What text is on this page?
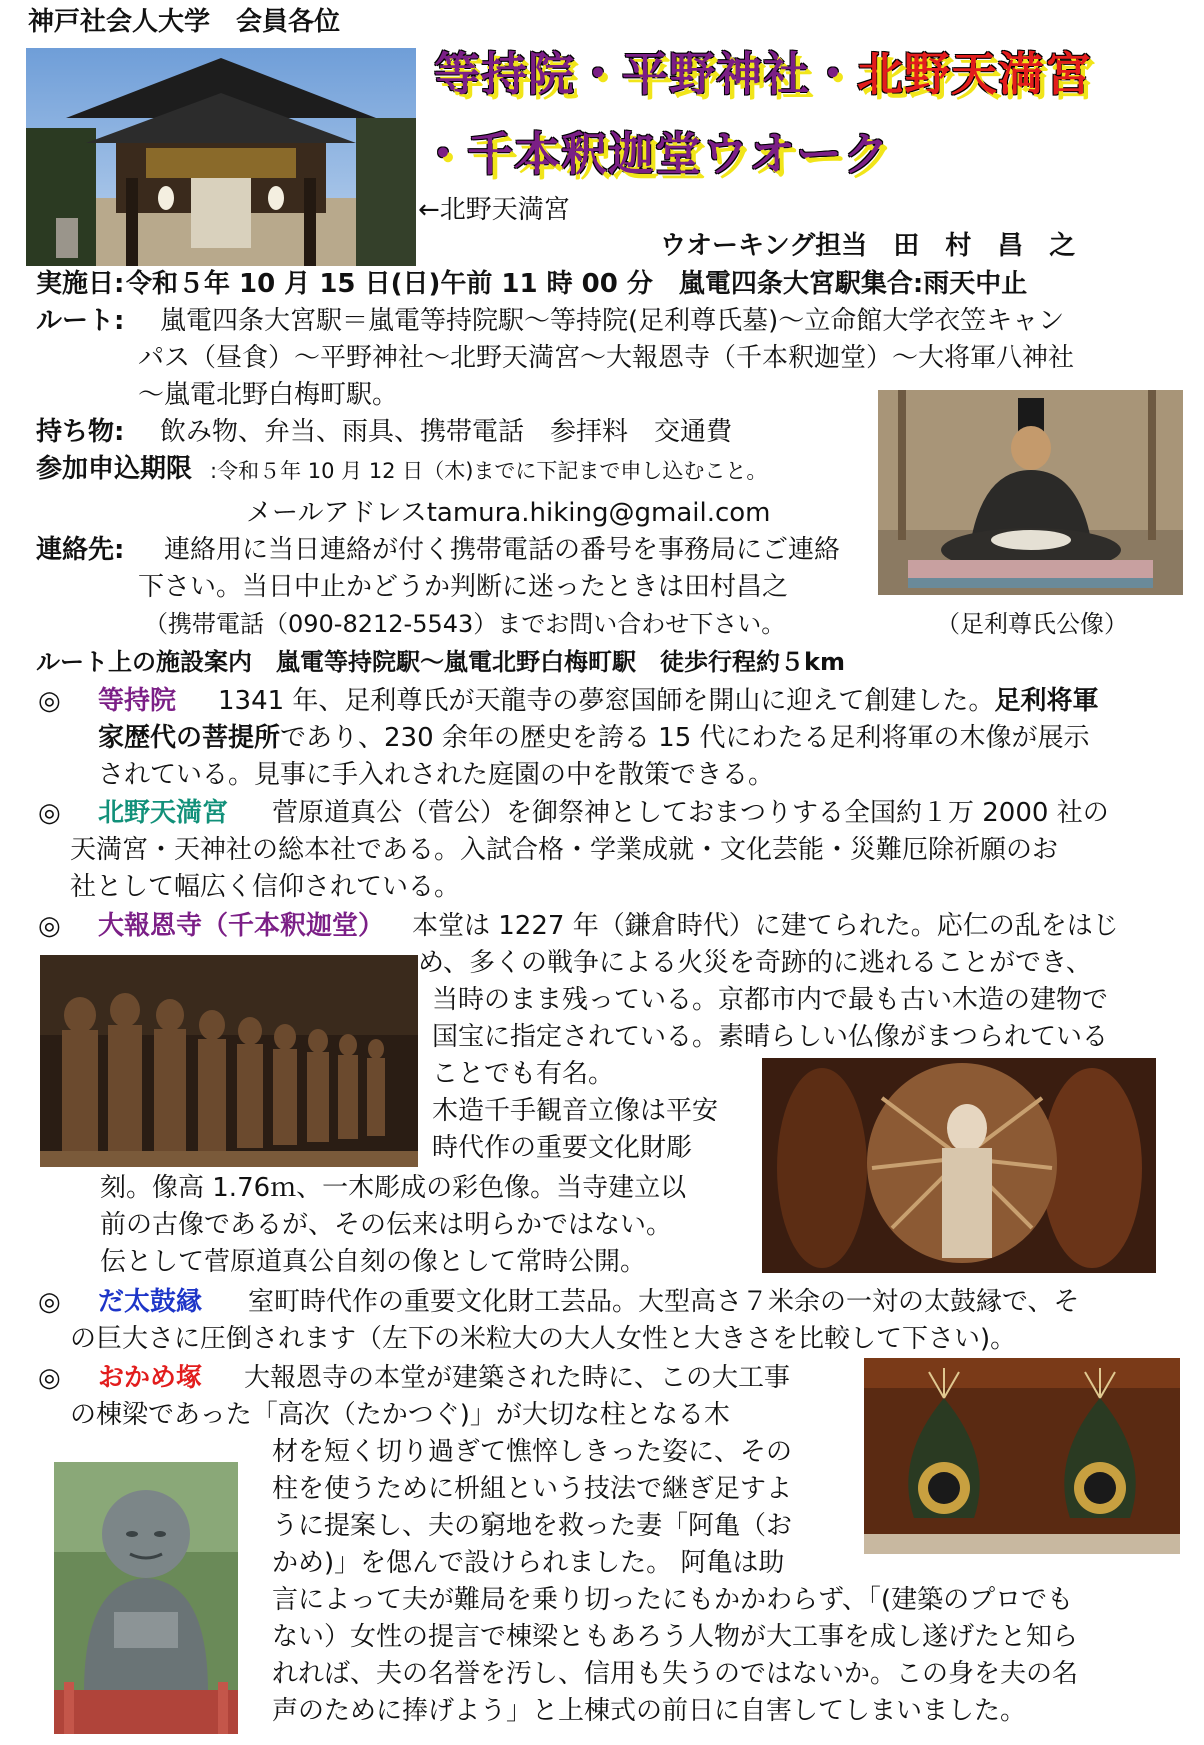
神戸社会人大学　会員各位
等持院・平野神社・北野天満宮
・千本釈迦堂ウオーク
←北野天満宮
ウオーキング担当　田　村　昌　之
実施日: 令和５年 10 月 15 日(日)午前 11 時 00 分　嵐電四条大宮駅集合:雨天中止
ルート: 嵐電四条大宮駅＝嵐電等持院駅～等持院(足利尊氏墓)～立命館大学衣笠キャン
パス（昼食）～平野神社～北野天満宮～大報恩寺（千本釈迦堂）～大将軍八神社
～嵐電北野白梅町駅。
持ち物: 飲み物、弁当、雨具、携帯電話　参拝料　交通費
参加申込期限 :令和５年 10 月 12 日（木)までに下記まで申し込むこと。
メールアドレスtamura.hiking@gmail.com
連絡先: 連絡用に当日連絡が付く携帯電話の番号を事務局にご連絡
下さい。当日中止かどうか判断に迷ったときは田村昌之
（携帯電話（090-8212-5543）までお問い合わせ下さい。	（足利尊氏公像）
ルート上の施設案内　嵐電等持院駅～嵐電北野白梅町駅　徒歩行程約５km
◎ 等持院 1341 年、足利尊氏が天龍寺の夢窓国師を開山に迎えて創建した。足利将軍
家歴代の菩提所であり、230 余年の歴史を誇る 15 代にわたる足利将軍の木像が展示
されている。見事に手入れされた庭園の中を散策できる。
◎ 北野天満宮 菅原道真公（菅公）を御祭神としておまつりする全国約１万 2000 社の
天満宮・天神社の総本社である。入試合格・学業成就・文化芸能・災難厄除祈願のお
社として幅広く信仰されている。
◎ 大報恩寺（千本釈迦堂） 本堂は 1227 年（鎌倉時代）に建てられた。応仁の乱をはじ
め、多くの戦争による火災を奇跡的に逃れることができ、
当時のまま残っている。京都市内で最も古い木造の建物で
国宝に指定されている。素晴らしい仏像がまつられている
ことでも有名。
木造千手観音立像は平安
時代作の重要文化財彫
刻。像高 1.76ｍ、一木彫成の彩色像。当寺建立以
前の古像であるが、その伝来は明らかではない。
伝として菅原道真公自刻の像として常時公開。
◎ だ太鼓縁 室町時代作の重要文化財工芸品。大型高さ７米余の一対の太鼓縁で、そ
の巨大さに圧倒されます（左下の米粒大の大人女性と大きさを比較して下さい)。
◎ おかめ塚 大報恩寺の本堂が建築された時に、この大工事
の棟梁であった「高次（たかつぐ)」が大切な柱となる木
材を短く切り過ぎて憔悴しきった姿に、その
柱を使うために枡組という技法で継ぎ足すよ
うに提案し、夫の窮地を救った妻「阿亀（お
かめ)」を偲んで設けられました。 阿亀は助
言によって夫が難局を乗り切ったにもかかわらず、「(建築のプロでも
ない）女性の提言で棟梁ともあろう人物が大工事を成し遂げたと知ら
れれば、夫の名誉を汚し、信用も失うのではないか。この身を夫の名
声のために捧げよう」と上棟式の前日に自害してしまいました。
